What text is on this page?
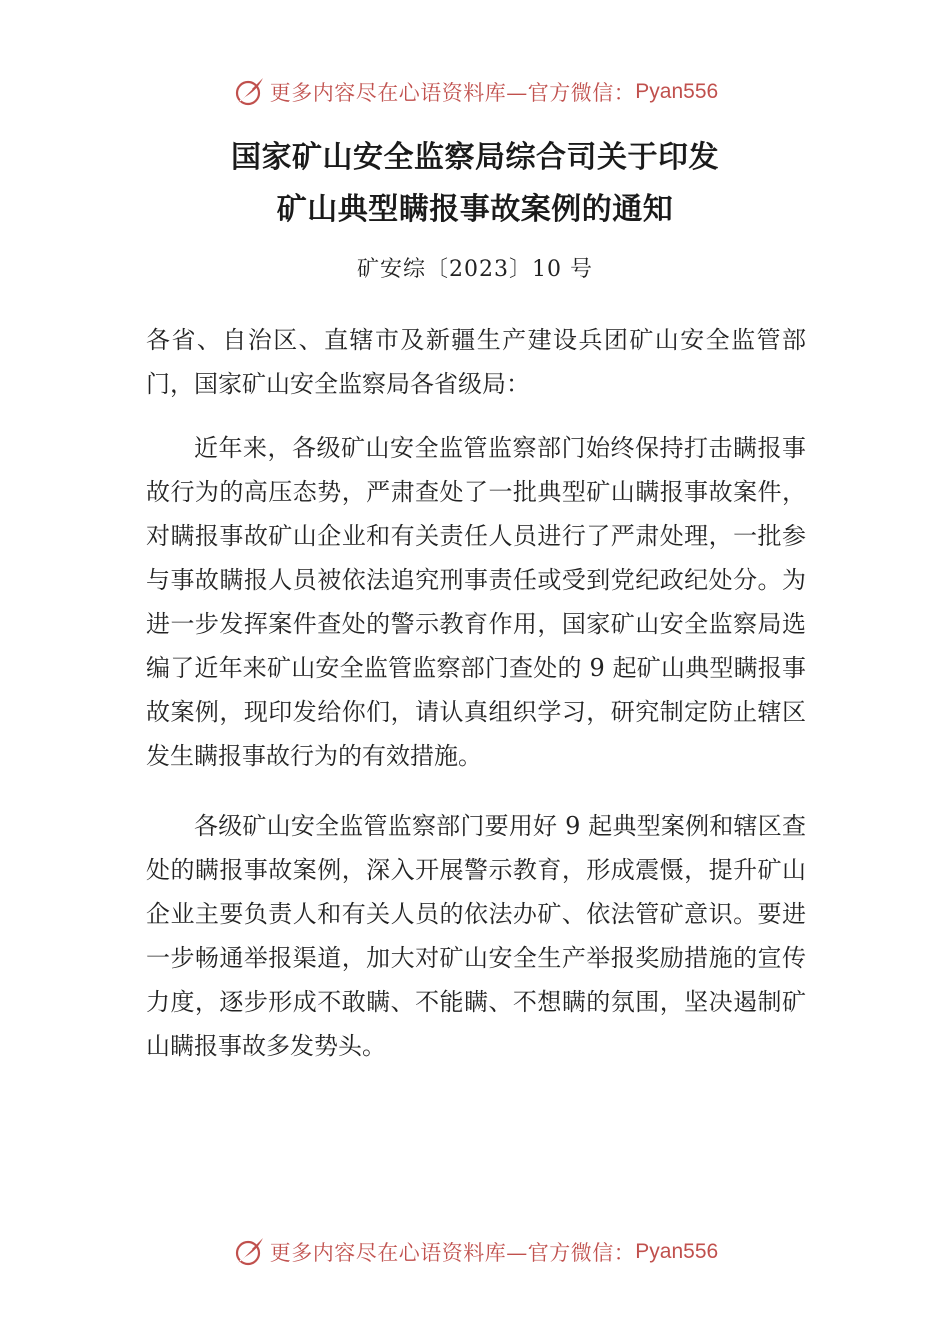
更多内容尽在心语资料库—官方微信： Pyan556
国家矿山安全监察局综合司关于印发
矿山典型瞒报事故案例的通知
矿安综〔2023〕10 号

各省、自治区、直辖市及新疆生产建设兵团矿山安全监管部门，国家矿山安全监察局各省级局：

近年来，各级矿山安全监管监察部门始终保持打击瞒报事故行为的高压态势，严肃查处了一批典型矿山瞒报事故案件，对瞒报事故矿山企业和有关责任人员进行了严肃处理，一批参与事故瞒报人员被依法追究刑事责任或受到党纪政纪处分。为进一步发挥案件查处的警示教育作用，国家矿山安全监察局选编了近年来矿山安全监管监察部门查处的 9 起矿山典型瞒报事故案例，现印发给你们，请认真组织学习，研究制定防止辖区发生瞒报事故行为的有效措施。

各级矿山安全监管监察部门要用好 9 起典型案例和辖区查处的瞒报事故案例，深入开展警示教育，形成震慑，提升矿山企业主要负责人和有关人员的依法办矿、依法管矿意识。要进一步畅通举报渠道，加大对矿山安全生产举报奖励措施的宣传力度，逐步形成不敢瞒、不能瞒、不想瞒的氛围，坚决遏制矿山瞒报事故多发势头。

更多内容尽在心语资料库—官方微信： Pyan556
